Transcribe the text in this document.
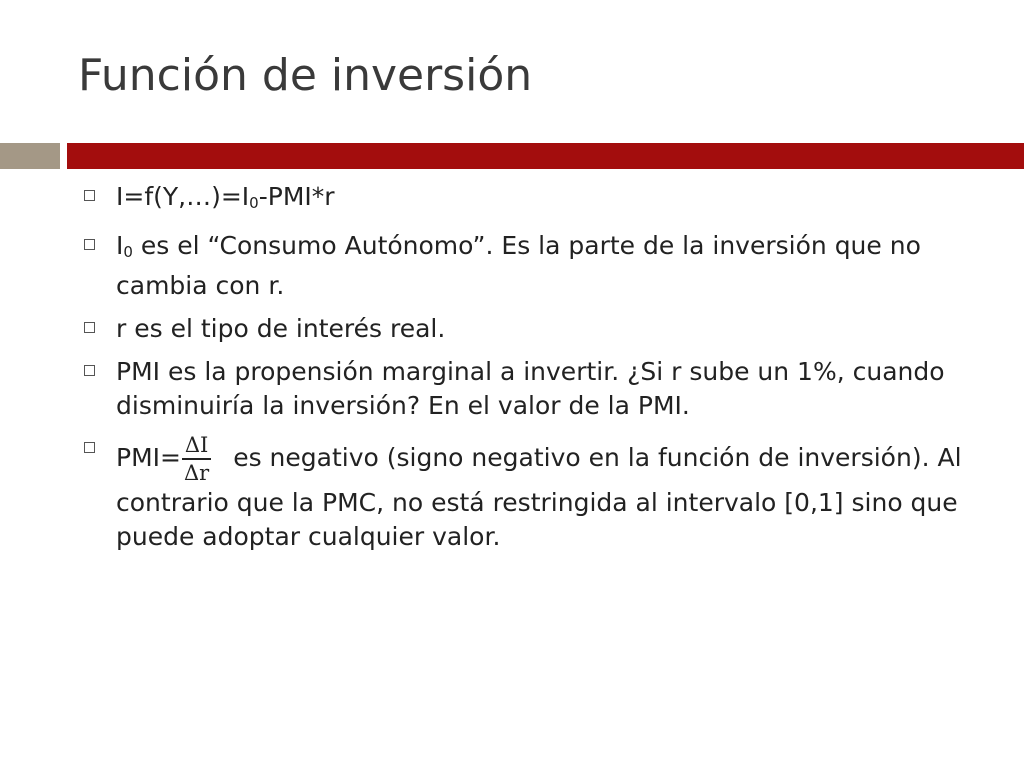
Función de inversión
$I=f(Y,\dots)=I_0-PMI*r$
$I_0$ es el “Consumo Autónomo”. Es la parte de la inversión que no cambia con r.
r es el tipo de interés real.
PMI es la propensión marginal a invertir. ¿Si r sube un 1%, cuando disminuiría la inversión? En el valor de la PMI.
$PMI= \frac{\Delta I}{\Delta r}$ es negativo (signo negativo en la función de inversión). Al contrario que la PMC, no está restringida al intervalo [0,1] sino que puede adoptar cualquier valor.
